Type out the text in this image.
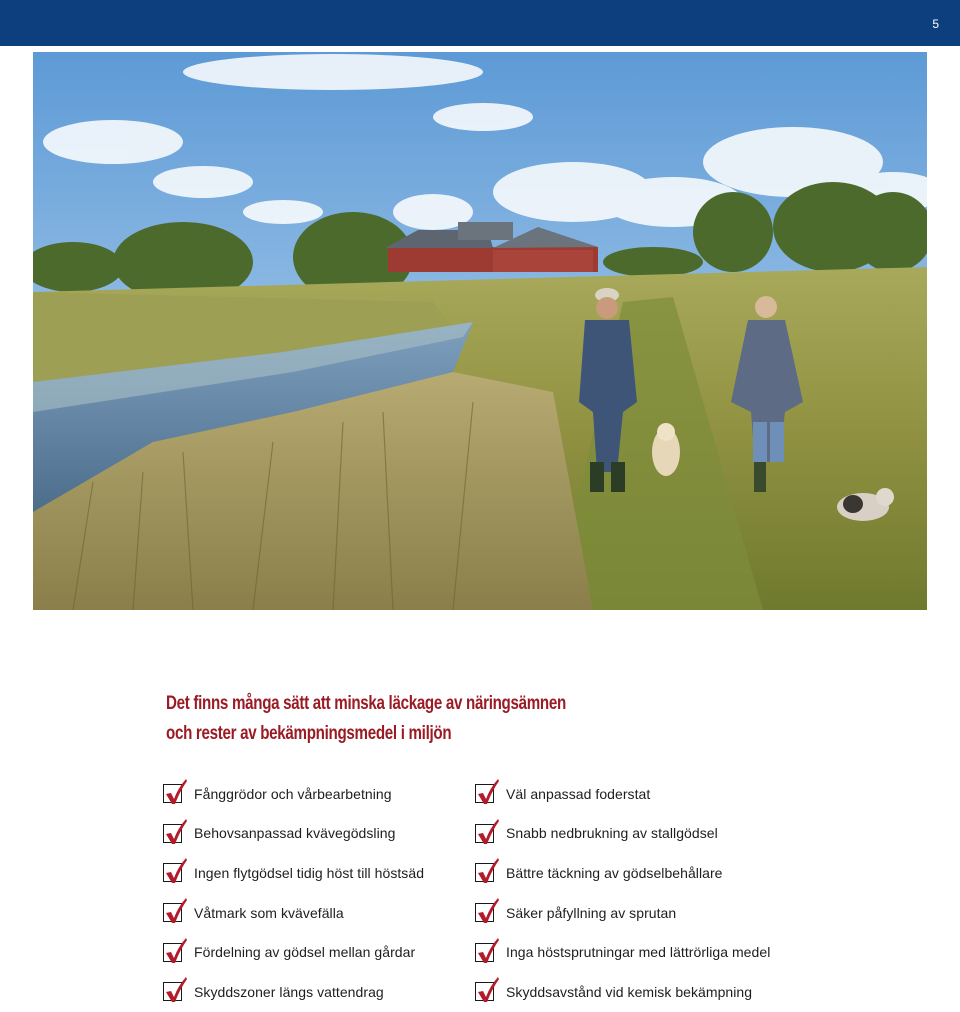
5
Det finns många sätt att minska läckage av näringsämnen
och rester av bekämpningsmedel i miljön
Fånggrödor och vårbearbetning
Behovsanpassad kvävegödsling
Ingen flytgödsel tidig höst till höstsäd
Våtmark som kvävefälla
Fördelning av gödsel mellan gårdar
Skyddszoner längs vattendrag
Väl anpassad foderstat
Snabb nedbrukning av stallgödsel
Bättre täckning av gödselbehållare
Säker påfyllning av sprutan
Inga höstsprutningar med lättrörliga medel
Skyddsavstånd vid kemisk bekämpning
